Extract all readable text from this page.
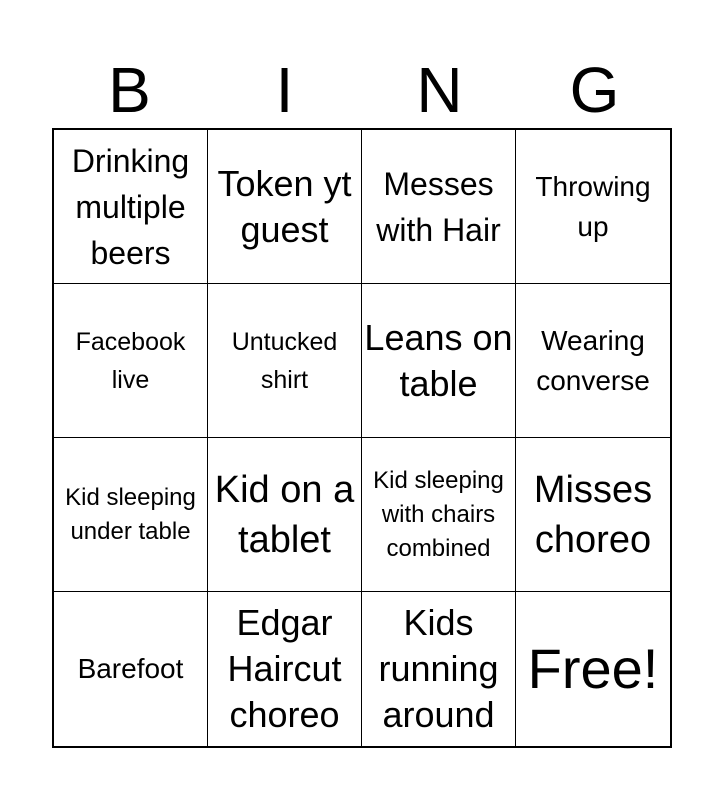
B	I	N	G
Drinking multiple beers
Token yt guest
Messes with Hair
Throwing up
Facebook live
Untucked shirt
Leans on table
Wearing converse
Kid sleeping under table
Kid on a tablet
Kid sleeping with chairs combined
Misses choreo
Barefoot
Edgar Haircut choreo
Kids running around
Free!
